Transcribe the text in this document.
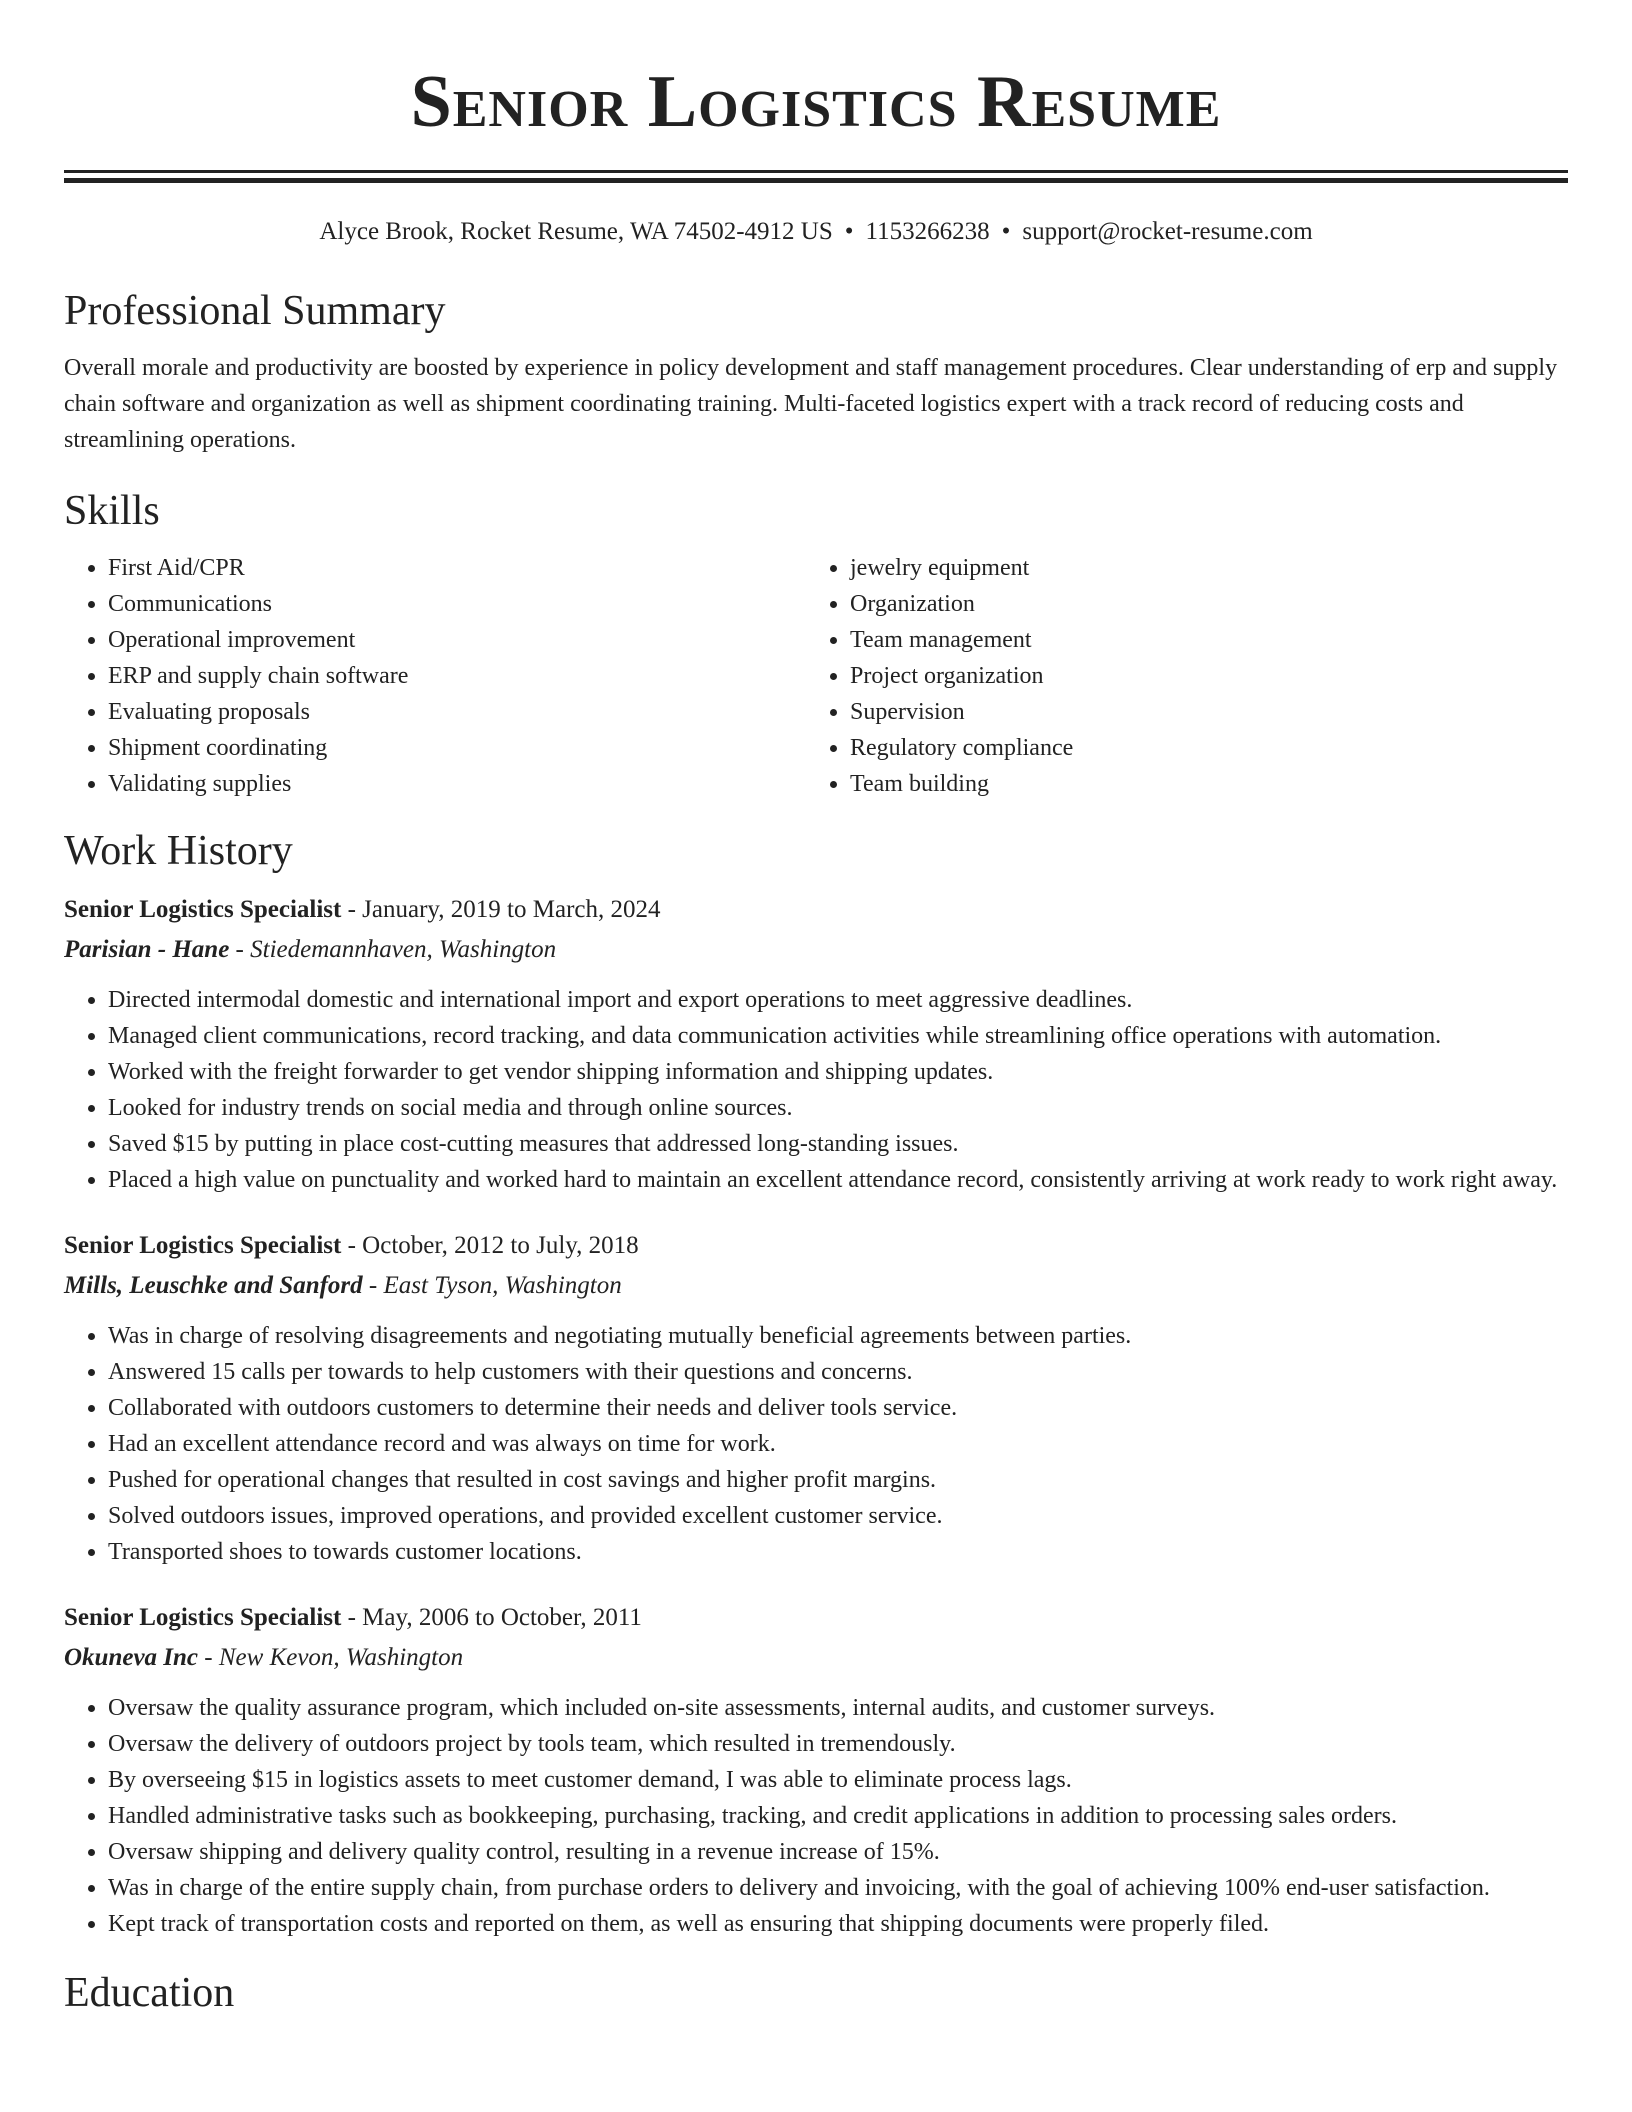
Senior Logistics Resume
Alyce Brook, Rocket Resume, WA 74502-4912 US • 1153266238 • support@rocket-resume.com
Professional Summary

Overall morale and productivity are boosted by experience in policy development and staff management procedures. Clear understanding of erp and supply chain software and organization as well as shipment coordinating training. Multi-faceted logistics expert with a track record of reducing costs and streamlining operations.

Skills
• First Aid/CPR
• Communications
• Operational improvement
• ERP and supply chain software
• Evaluating proposals
• Shipment coordinating
• Validating supplies
• jewelry equipment
• Organization
• Team management
• Project organization
• Supervision
• Regulatory compliance
• Team building
Work History
Senior Logistics Specialist - January, 2019 to March, 2024
Parisian - Hane - Stiedemannhaven, Washington
• Directed intermodal domestic and international import and export operations to meet aggressive deadlines.
• Managed client communications, record tracking, and data communication activities while streamlining office operations with automation.
• Worked with the freight forwarder to get vendor shipping information and shipping updates.
• Looked for industry trends on social media and through online sources.
• Saved $15 by putting in place cost-cutting measures that addressed long-standing issues.
• Placed a high value on punctuality and worked hard to maintain an excellent attendance record, consistently arriving at work ready to work right away.
Senior Logistics Specialist - October, 2012 to July, 2018
Mills, Leuschke and Sanford - East Tyson, Washington
• Was in charge of resolving disagreements and negotiating mutually beneficial agreements between parties.
• Answered 15 calls per towards to help customers with their questions and concerns.
• Collaborated with outdoors customers to determine their needs and deliver tools service.
• Had an excellent attendance record and was always on time for work.
• Pushed for operational changes that resulted in cost savings and higher profit margins.
• Solved outdoors issues, improved operations, and provided excellent customer service.
• Transported shoes to towards customer locations.
Senior Logistics Specialist - May, 2006 to October, 2011
Okuneva Inc - New Kevon, Washington
• Oversaw the quality assurance program, which included on-site assessments, internal audits, and customer surveys.
• Oversaw the delivery of outdoors project by tools team, which resulted in tremendously.
• By overseeing $15 in logistics assets to meet customer demand, I was able to eliminate process lags.
• Handled administrative tasks such as bookkeeping, purchasing, tracking, and credit applications in addition to processing sales orders.
• Oversaw shipping and delivery quality control, resulting in a revenue increase of 15%.
• Was in charge of the entire supply chain, from purchase orders to delivery and invoicing, with the goal of achieving 100% end-user satisfaction.
• Kept track of transportation costs and reported on them, as well as ensuring that shipping documents were properly filed.
Education
